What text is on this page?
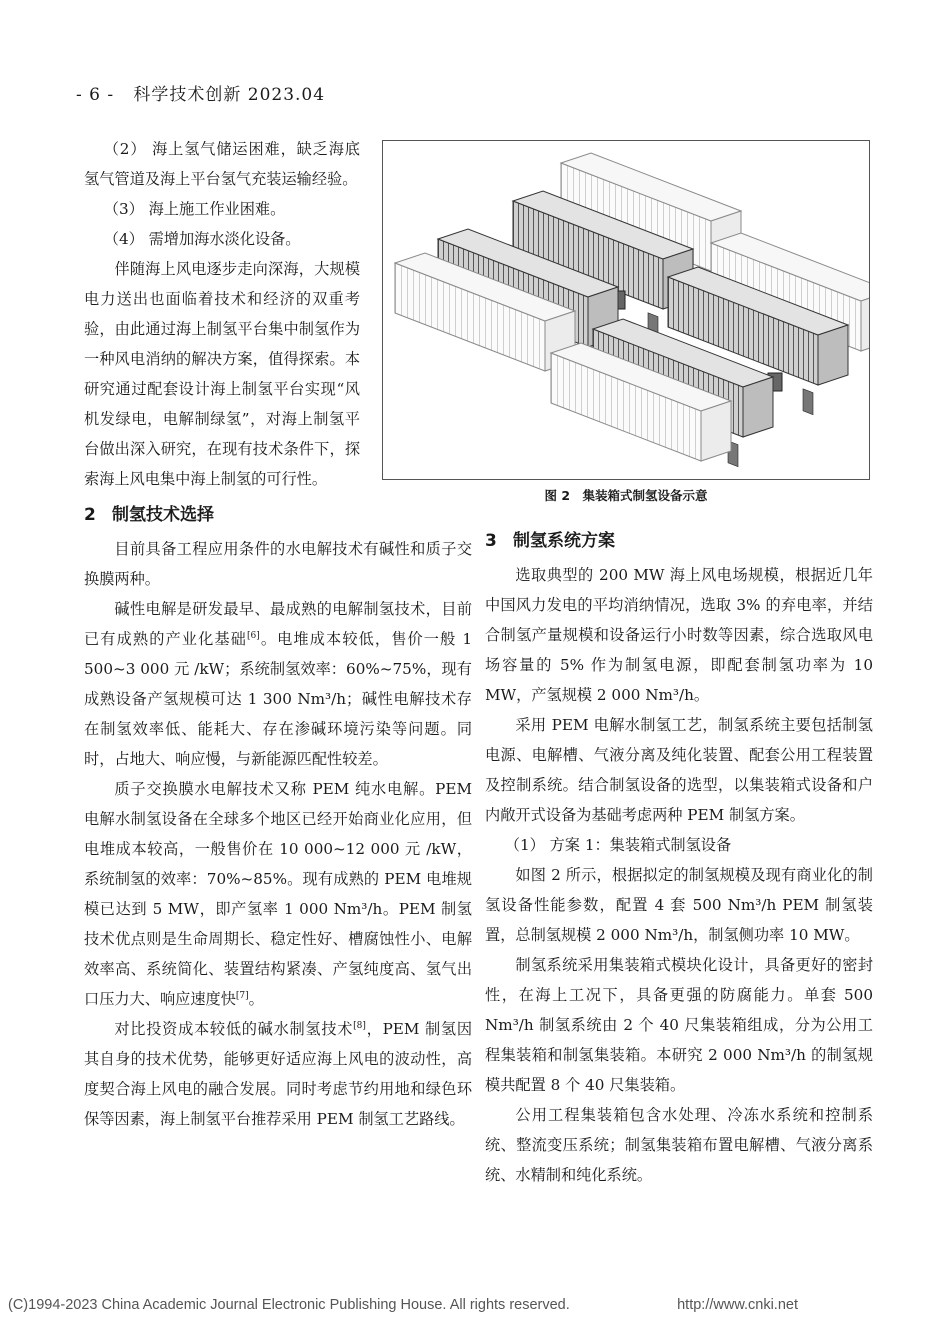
- 6 - 科学技术创新 2023.04

（2） 海上氢气储运困难，缺乏海底氢气管道及海上平台氢气充装运输经验。

（3） 海上施工作业困难。

（4） 需增加海水淡化设备。

伴随海上风电逐步走向深海，大规模电力送出也面临着技术和经济的双重考验，由此通过海上制氢平台集中制氢作为一种风电消纳的解决方案，值得探索。本研究通过配套设计海上制氢平台实现“风机发绿电，电解制绿氢”，对海上制氢平台做出深入研究，在现有技术条件下，探索海上风电集中海上制氢的可行性。

2 制氢技术选择

目前具备工程应用条件的水电解技术有碱性和质子交换膜两种。

碱性电解是研发最早、最成熟的电解制氢技术，目前已有成熟的产业化基础[6]。电堆成本较低，售价一般 1 500~3 000 元 /kW；系统制氢效率：60%~75%，现有成熟设备产氢规模可达 1 300 Nm³/h；碱性电解技术存在制氢效率低、能耗大、存在渗碱环境污染等问题。同时，占地大、响应慢，与新能源匹配性较差。

质子交换膜水电解技术又称 PEM 纯水电解。PEM 电解水制氢设备在全球多个地区已经开始商业化应用，但电堆成本较高，一般售价在 10 000~12 000 元 /kW，系统制氢的效率：70%~85%。现有成熟的 PEM 电堆规模已达到 5 MW，即产氢率 1 000 Nm³/h。PEM 制氢技术优点则是生命周期长、稳定性好、槽腐蚀性小、电解效率高、系统简化、装置结构紧凑、产氢纯度高、氢气出口压力大、响应速度快[7]。

对比投资成本较低的碱水制氢技术[8]，PEM 制氢因其自身的技术优势，能够更好适应海上风电的波动性，高度契合海上风电的融合发展。同时考虑节约用地和绿色环保等因素，海上制氢平台推荐采用 PEM 制氢工艺路线。

图 2　集装箱式制氢设备示意
3 制氢系统方案

选取典型的 200 MW 海上风电场规模，根据近几年中国风力发电的平均消纳情况，选取 3% 的弃电率，并结合制氢产量规模和设备运行小时数等因素，综合选取风电场容量的 5% 作为制氢电源，即配套制氢功率为 10 MW，产氢规模 2 000 Nm³/h。

采用 PEM 电解水制氢工艺，制氢系统主要包括制氢电源、电解槽、气液分离及纯化装置、配套公用工程装置及控制系统。结合制氢设备的选型，以集装箱式设备和户内敞开式设备为基础考虑两种 PEM 制氢方案。

（1） 方案 1：集装箱式制氢设备

如图 2 所示，根据拟定的制氢规模及现有商业化的制氢设备性能参数，配置 4 套 500 Nm³/h PEM 制氢装置，总制氢规模 2 000 Nm³/h，制氢侧功率 10 MW。

制氢系统采用集装箱式模块化设计，具备更好的密封性，在海上工况下，具备更强的防腐能力。单套 500 Nm³/h 制氢系统由 2 个 40 尺集装箱组成，分为公用工程集装箱和制氢集装箱。本研究 2 000 Nm³/h 的制氢规模共配置 8 个 40 尺集装箱。

公用工程集装箱包含水处理、冷冻水系统和控制系统、整流变压系统；制氢集装箱布置电解槽、气液分离系统、水精制和纯化系统。

(C)1994-2023 China Academic Journal Electronic Publishing House. All rights reserved.	http://www.cnki.net
